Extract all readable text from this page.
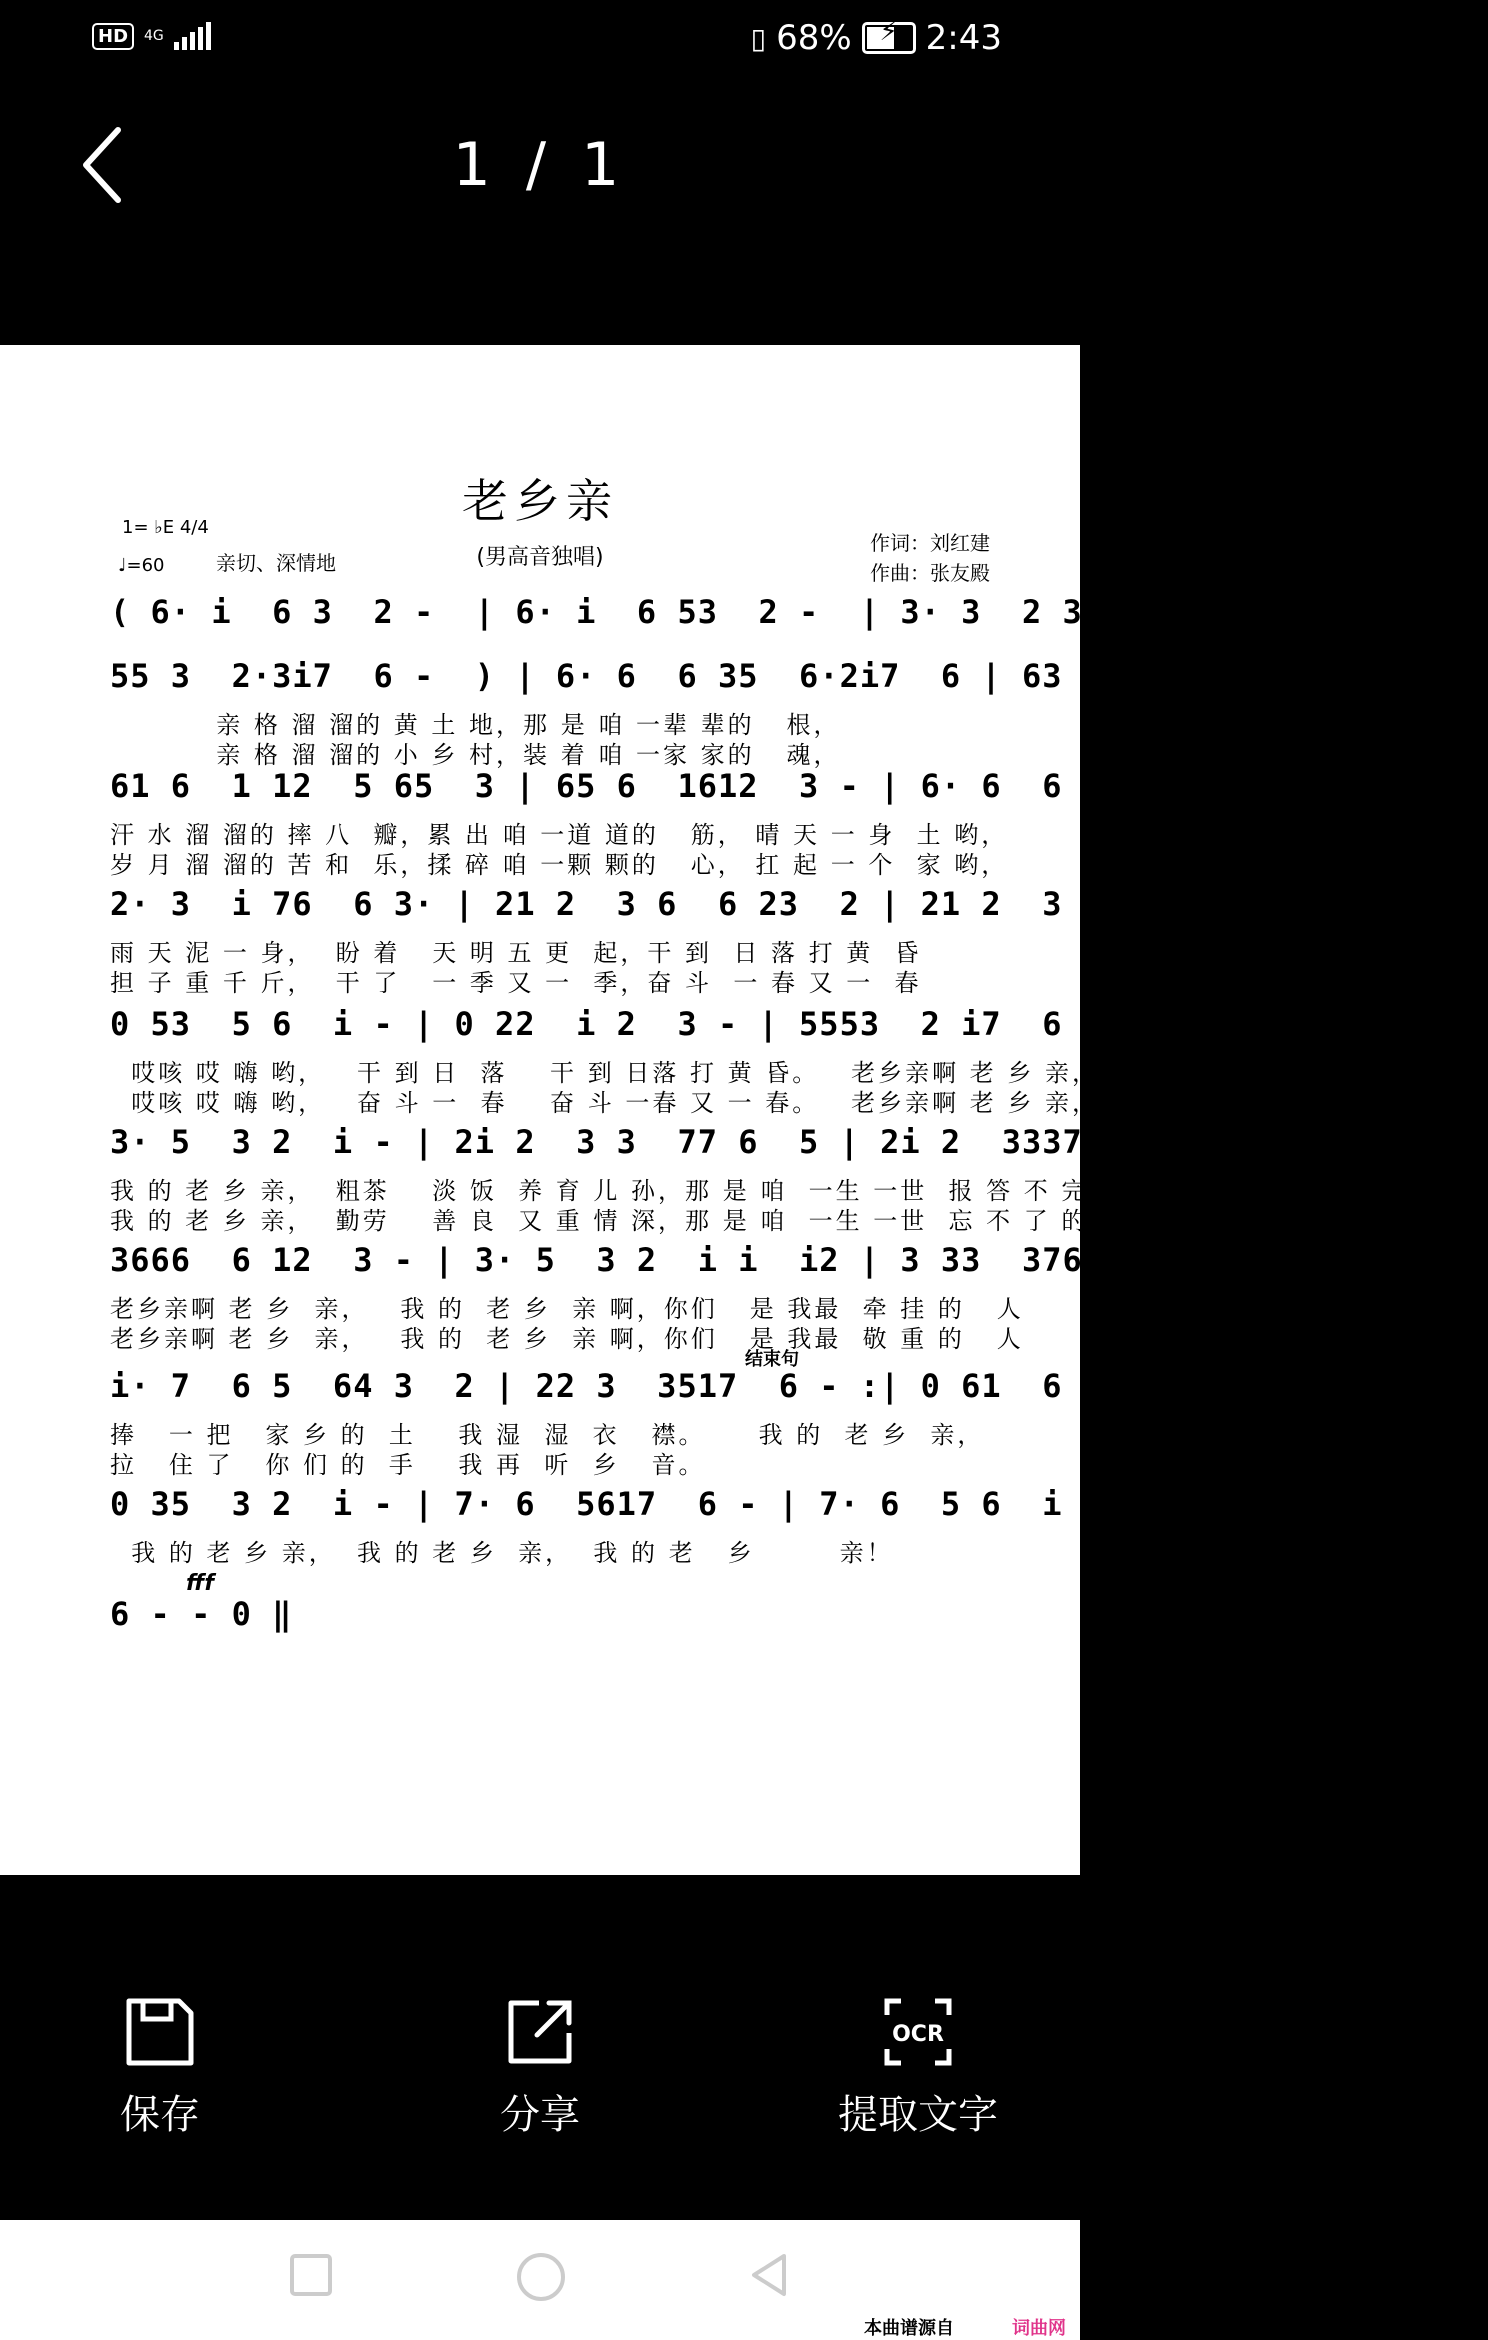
HD	4G	▯ 68%	⚡ 2:43
1 / 1
老乡亲
1= ♭E 4/4
♩=60	亲切、深情地	(男高音独唱)
作词：刘红建
作曲：张友殿
( 6· i  6 3  2 -  | 6· i  6 53  2 -  | 3· 3  2 3  i 76  5 |
55 3  2·3i7  6 -  ) | 6· 6  6 35  6·2i7  6 | 63 6  2217  6 - |
亲 格 溜 溜的 黄 土 地，那 是 咱 一辈 辈的   根，
亲 格 溜 溜的 小 乡 村，装 着 咱 一家 家的   魂，
61 6  1 12  5 65  3 | 65 6  1612  3 - | 6· 6  6 35  6 i· |
汗 水 溜 溜的 摔 八  瓣，累 出 咱 一道 道的   筋， 晴 天 一 身  土 哟，
岁 月 溜 溜的 苦 和  乐，揉 碎 咱 一颗 颗的   心， 扛 起 一 个  家 哟，
2· 3  i 76  6 3· | 21 2  3 6  6 23  2 | 21 2  3 6  6 23  2 |
雨 天 泥 一 身，  盼 着   天 明 五 更  起，干 到  日 落 打 黄  昏
担 子 重 千 斤，  干 了   一 季 又 一  季，奋 斗  一 春 又 一  春
0 53  5 6  i - | 0 22  i 2  3 - | 5553  2 i7  6 - | 666i  6 3  2 - |
哎咳 哎 嗨 哟，   干 到 日  落    干 到 日落 打 黄 昏。   老乡亲啊 老 乡 亲，
哎咳 哎 嗨 哟，   奋 斗 一  春    奋 斗 一春 又 一 春。   老乡亲啊 老 乡 亲，
3· 5  3 2  i - | 2i 2  3 3  77 6  5 | 2i 2  3337  6676  5 |
我 的 老 乡 亲，  粗茶    淡 饭  养 育 儿 孙，那 是 咱  一生 一世  报 答 不 完 的  恩
我 的 老 乡 亲，  勤劳    善 良  又 重 情 深，那 是 咱  一生 一世  忘 不 了 的  本
3666  6 12  3 - | 3· 5  3 2  i i  i2 | 3 33  37676  5 - |
老乡亲啊 老 乡  亲，   我 的  老 乡  亲 啊，你们   是 我最  牵 挂 的   人
老乡亲啊 老 乡  亲，   我 的  老 乡  亲 啊，你们   是 我最  敬 重 的   人
结束句
i· 7  6 5  64 3  2 | 22 3  3517  6 - :| 0 61  6 3  2 - |
捧   一 把   家 乡 的  土    我 湿  湿  衣   襟。     我 的  老 乡  亲，
拉   住 了   你 们 的  手    我 再  听  乡   音。
0 35  3 2  i - | 7· 6  5617  6 - | 7· 6  5 6  i 7 | 7 - | 6 - - - |
我 的 老 乡 亲，  我 的 老 乡  亲，  我 的 老   乡        亲！
fff
6 - - 0 ‖
保存	分享
OCR
提取文字
本曲谱源自	词曲网
